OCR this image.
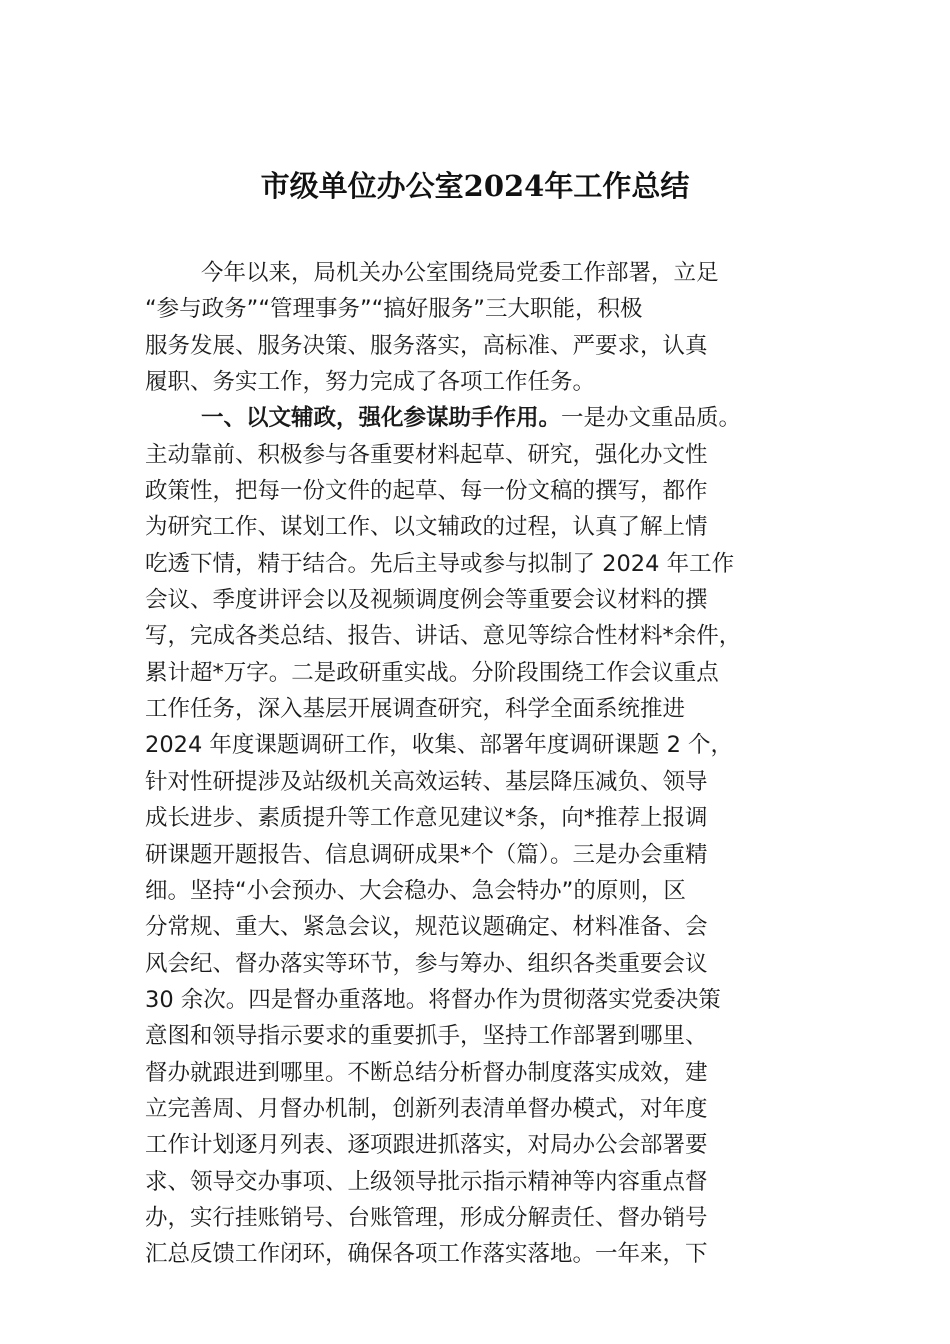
市级单位办公室2024年工作总结
今年以来，局机关办公室围绕局党委工作部署，立足
“参与政务”“管理事务”“搞好服务”三大职能，积极
服务发展、服务决策、服务落实，高标准、严要求，认真
履职、务实工作，努力完成了各项工作任务。
一、以文辅政，强化参谋助手作用。一是办文重品质。
主动靠前、积极参与各重要材料起草、研究，强化办文性
政策性，把每一份文件的起草、每一份文稿的撰写，都作
为研究工作、谋划工作、以文辅政的过程，认真了解上情
吃透下情，精于结合。先后主导或参与拟制了 2024 年工作
会议、季度讲评会以及视频调度例会等重要会议材料的撰
写，完成各类总结、报告、讲话、意见等综合性材料*余件，
累计超*万字。二是政研重实战。分阶段围绕工作会议重点
工作任务，深入基层开展调查研究，科学全面系统推进
2024 年度课题调研工作，收集、部署年度调研课题 2 个，
针对性研提涉及站级机关高效运转、基层降压减负、领导
成长进步、素质提升等工作意见建议*条，向*推荐上报调
研课题开题报告、信息调研成果*个（篇）。三是办会重精
细。坚持“小会预办、大会稳办、急会特办”的原则，区
分常规、重大、紧急会议，规范议题确定、材料准备、会
风会纪、督办落实等环节，参与筹办、组织各类重要会议
30 余次。四是督办重落地。将督办作为贯彻落实党委决策
意图和领导指示要求的重要抓手，坚持工作部署到哪里、
督办就跟进到哪里。不断总结分析督办制度落实成效，建
立完善周、月督办机制，创新列表清单督办模式，对年度
工作计划逐月列表、逐项跟进抓落实，对局办公会部署要
求、领导交办事项、上级领导批示指示精神等内容重点督
办，实行挂账销号、台账管理，形成分解责任、督办销号
汇总反馈工作闭环，确保各项工作落实落地。一年来，下
